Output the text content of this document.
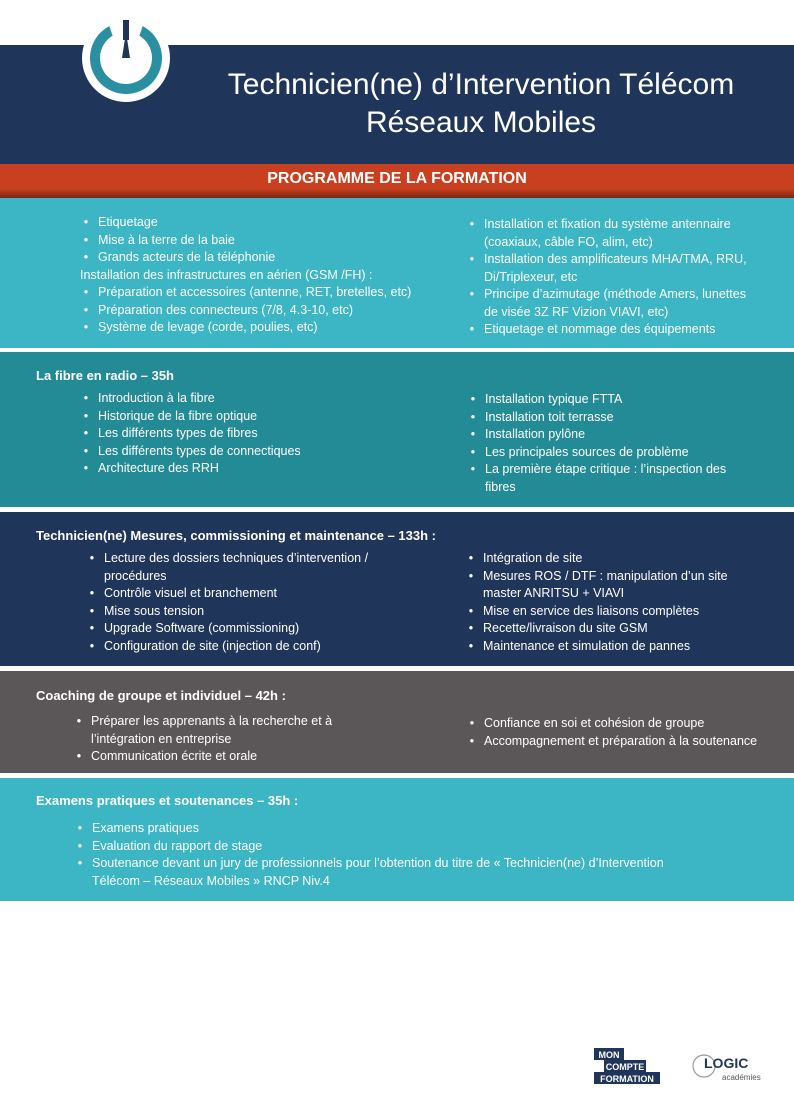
Technicien(ne) d’Intervention Télécom
Réseaux Mobiles
PROGRAMME DE LA FORMATION
• Etiquetage
• Mise à la terre de la baie
• Grands acteurs de la téléphonie
Installation des infrastructures en aérien (GSM /FH) :
• Préparation et accessoires (antenne, RET, bretelles, etc)
• Préparation des connecteurs (7/8, 4.3-10, etc)
• Système de levage (corde, poulies, etc)
• Installation et fixation du système antennaire
(coaxiaux, câble FO, alim, etc)
• Installation des amplificateurs MHA/TMA, RRU,
Di/Triplexeur, etc
• Principe d’azimutage (méthode Amers, lunettes
de visée 3Z RF Vizion VIAVI, etc)
• Etiquetage et nommage des équipements
La fibre en radio – 35h
• Introduction à la fibre
• Historique de la fibre optique
• Les différents types de fibres
• Les différents types de connectiques
• Architecture des RRH
• Installation typique FTTA
• Installation toit terrasse
• Installation pylône
• Les principales sources de problème
• La première étape critique : l’inspection des
fibres
Technicien(ne) Mesures, commissioning et maintenance – 133h :
• Lecture des dossiers techniques d’intervention /
procédures
• Contrôle visuel et branchement
• Mise sous tension
• Upgrade Software (commissioning)
• Configuration de site (injection de conf)
• Intégration de site
• Mesures ROS / DTF : manipulation d’un site
master ANRITSU + VIAVI
• Mise en service des liaisons complètes
• Recette/livraison du site GSM
• Maintenance et simulation de pannes
Coaching de groupe et individuel – 42h :
• Préparer les apprenants à la recherche et à
l’intégration en entreprise
• Communication écrite et orale
• Confiance en soi et cohésion de groupe
• Accompagnement et préparation à la soutenance
Examens pratiques et soutenances – 35h :
• Examens pratiques
• Evaluation du rapport de stage
• Soutenance devant un jury de professionnels pour l’obtention du titre de « Technicien(ne) d’Intervention
Télécom – Réseaux Mobiles » RNCP Niv.4
MON
COMPTE
FORMATION
LOGIC
académies
